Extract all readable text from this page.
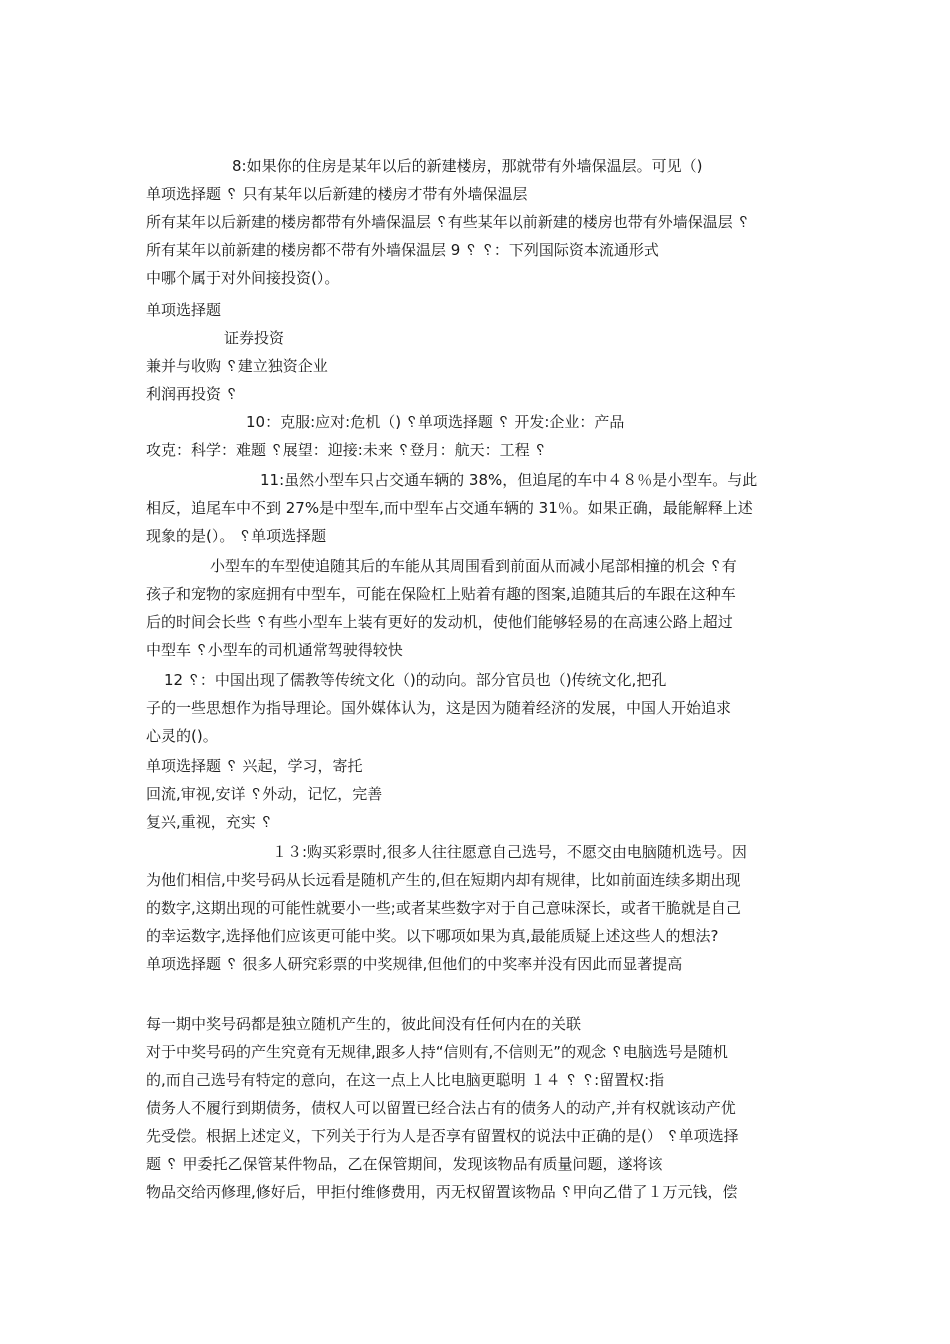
8:如果你的住房是某年以后的新建楼房，那就带有外墙保温层。可见（)
单项选择题 ␦ 只有某年以后新建的楼房才带有外墙保温层
所有某年以后新建的楼房都带有外墙保温层 ␦有些某年以前新建的楼房也带有外墙保温层 ␦
所有某年以前新建的楼房都不带有外墙保温层 9 ␦ ␦：下列国际资本流通形式
中哪个属于对外间接投资(）。
单项选择题
证券投资
兼并与收购 ␦建立独资企业
利润再投资 ␦
10：克服:应对:危机（) ␦单项选择题 ␦ 开发:企业：产品
攻克：科学：难题 ␦展望：迎接:未来 ␦登月：航天：工程 ␦
11:虽然小型车只占交通车辆的 38%，但追尾的车中４８％是小型车。与此
相反，追尾车中不到 27%是中型车,而中型车占交通车辆的 31％。如果正确，最能解释上述
现象的是(）。 ␦单项选择题
小型车的车型使追随其后的车能从其周围看到前面从而减小尾部相撞的机会 ␦有
孩子和宠物的家庭拥有中型车，可能在保险杠上贴着有趣的图案,追随其后的车跟在这种车
后的时间会长些 ␦有些小型车上装有更好的发动机，使他们能够轻易的在高速公路上超过
中型车 ␦小型车的司机通常驾驶得较快
12 ␦：中国出现了儒教等传统文化（)的动向。部分官员也（)传统文化,把孔
子的一些思想作为指导理论。国外媒体认为，这是因为随着经济的发展，中国人开始追求
心灵的()。
单项选择题 ␦ 兴起，学习，寄托
回流,审视,安详 ␦外动，记忆，完善
复兴,重视，充实 ␦
１３:购买彩票时,很多人往往愿意自己选号，不愿交由电脑随机选号。因
为他们相信,中奖号码从长远看是随机产生的,但在短期内却有规律，比如前面连续多期出现
的数字,这期出现的可能性就要小一些;或者某些数字对于自己意味深长，或者干脆就是自己
的幸运数字,选择他们应该更可能中奖。以下哪项如果为真,最能质疑上述这些人的想法?
单项选择题 ␦ 很多人研究彩票的中奖规律,但他们的中奖率并没有因此而显著提高
每一期中奖号码都是独立随机产生的，彼此间没有任何内在的关联
对于中奖号码的产生究竟有无规律,跟多人持“信则有,不信则无”的观念 ␦电脑选号是随机
的,而自己选号有特定的意向，在这一点上人比电脑更聪明 １４ ␦ ␦:留置权:指
债务人不履行到期债务，债权人可以留置已经合法占有的债务人的动产,并有权就该动产优
先受偿。根据上述定义，下列关于行为人是否享有留置权的说法中正确的是(） ␦单项选择
题 ␦ 甲委托乙保管某件物品，乙在保管期间，发现该物品有质量问题，遂将该
物品交给丙修理,修好后，甲拒付维修费用，丙无权留置该物品 ␦甲向乙借了１万元钱，偿
